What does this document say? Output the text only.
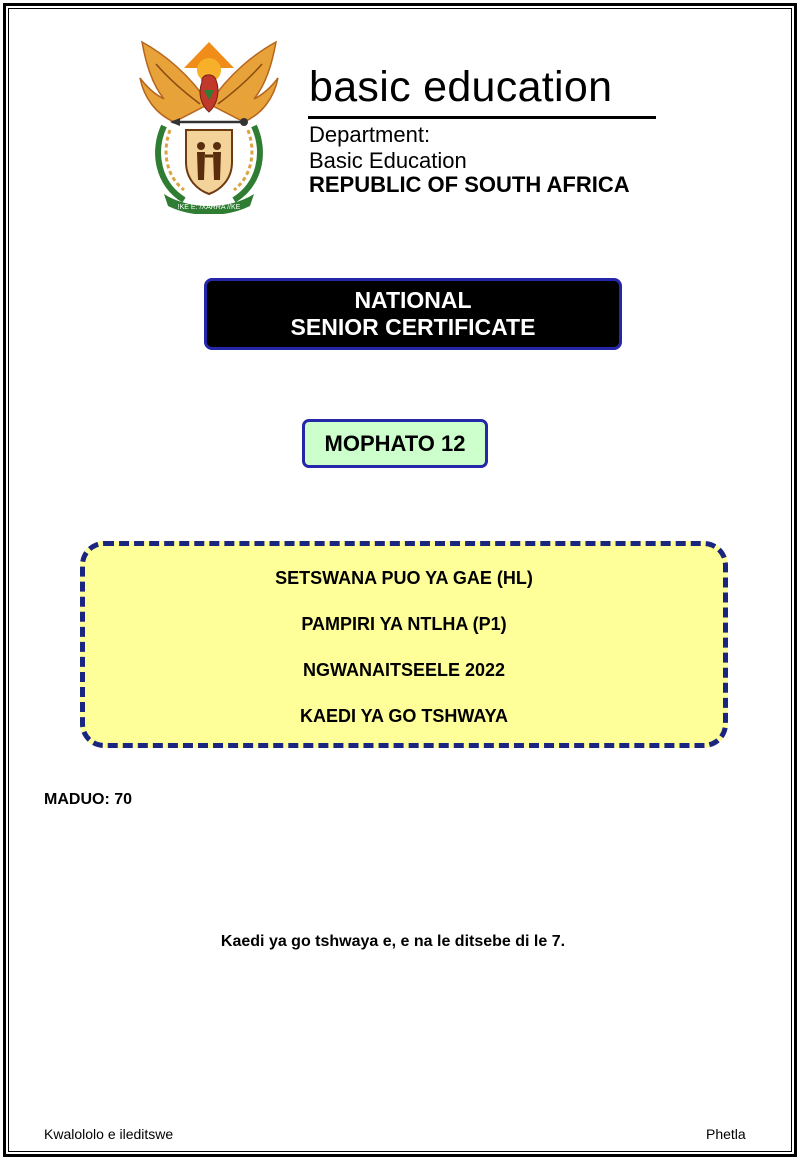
!KE E: /XARRA //KE
basic education
Department:
Basic Education
REPUBLIC OF SOUTH AFRICA
NATIONAL
SENIOR CERTIFICATE
MOPHATO 12
SETSWANA PUO YA GAE (HL)
PAMPIRI YA NTLHA (P1)
NGWANAITSEELE 2022
KAEDI YA GO TSHWAYA
MADUO: 70
Kaedi ya go tshwaya e, e na le ditsebe di le 7.
Kwalololo e ileditswe	Phetla
